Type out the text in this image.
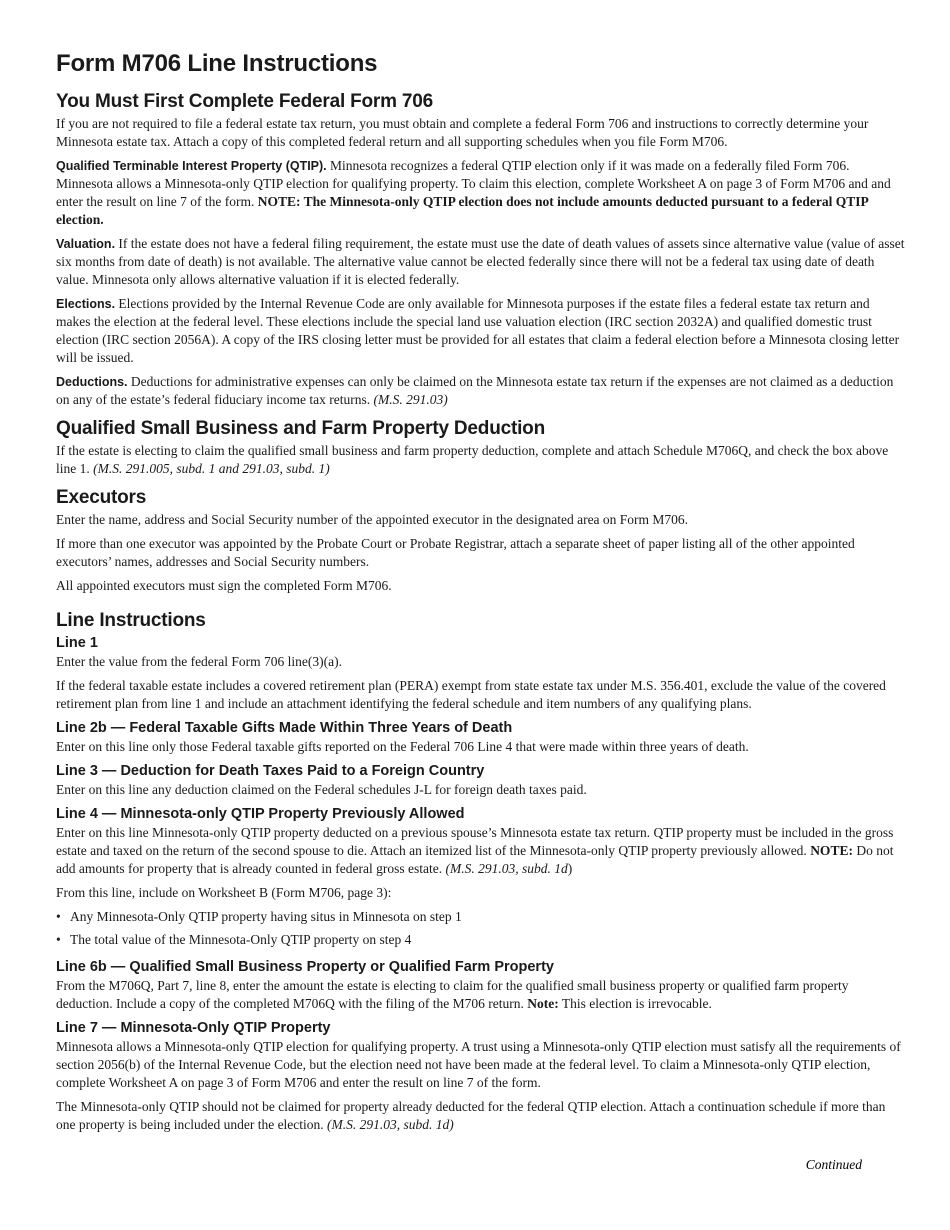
Form M706 Line Instructions
You Must First Complete Federal Form 706

If you are not required to file a federal estate tax return, you must obtain and complete a federal Form 706 and instructions to correctly determine your Minnesota estate tax. Attach a copy of this completed federal return and all supporting schedules when you file Form M706.

Qualified Terminable Interest Property (QTIP). Minnesota recognizes a federal QTIP election only if it was made on a federally filed Form 706. Minnesota allows a Minnesota-only QTIP election for qualifying property. To claim this election, complete Worksheet A on page 3 of Form M706 and and enter the result on line 7 of the form. NOTE: The Minnesota-only QTIP election does not include amounts deducted pursuant to a federal QTIP election.

Valuation. If the estate does not have a federal filing requirement, the estate must use the date of death values of assets since alternative value (value of asset six months from date of death) is not available. The alternative value cannot be elected federally since there will not be a federal tax using date of death value. Minnesota only allows alternative valuation if it is elected federally.

Elections. Elections provided by the Internal Revenue Code are only available for Minnesota purposes if the estate files a federal estate tax return and makes the election at the federal level. These elections include the special land use valuation election (IRC section 2032A) and qualified domestic trust election (IRC section 2056A). A copy of the IRS closing letter must be provided for all estates that claim a federal election before a Minnesota closing letter will be issued.

Deductions. Deductions for administrative expenses can only be claimed on the Minnesota estate tax return if the expenses are not claimed as a deduction on any of the estate’s federal fiduciary income tax returns. (M.S. 291.03)

Qualified Small Business and Farm Property Deduction

If the estate is electing to claim the qualified small business and farm property deduction, complete and attach Schedule M706Q, and check the box above line 1. (M.S. 291.005, subd. 1 and 291.03, subd. 1)

Executors

Enter the name, address and Social Security number of the appointed executor in the designated area on Form M706.

If more than one executor was appointed by the Probate Court or Probate Registrar, attach a separate sheet of paper listing all of the other appointed executors’ names, addresses and Social Security numbers.

All appointed executors must sign the completed Form M706.

Line Instructions
Line 1

Enter the value from the federal Form 706 line(3)(a).

If the federal taxable estate includes a covered retirement plan (PERA) exempt from state estate tax under M.S. 356.401, exclude the value of the covered retirement plan from line 1 and include an attachment identifying the federal schedule and item numbers of any qualifying plans.

Line 2b — Federal Taxable Gifts Made Within Three Years of Death

Enter on this line only those Federal taxable gifts reported on the Federal 706 Line 4 that were made within three years of death.

Line 3 — Deduction for Death Taxes Paid to a Foreign Country

Enter on this line any deduction claimed on the Federal schedules J-L for foreign death taxes paid.

Line 4 — Minnesota-only QTIP Property Previously Allowed

Enter on this line Minnesota-only QTIP property deducted on a previous spouse’s Minnesota estate tax return. QTIP property must be included in the gross estate and taxed on the return of the second spouse to die. Attach an itemized list of the Minnesota-only QTIP property previously allowed. NOTE: Do not add amounts for property that is already counted in federal gross estate. (M.S. 291.03, subd. 1d)

From this line, include on Worksheet B (Form M706, page 3):

• Any Minnesota-Only QTIP property having situs in Minnesota on step 1
• The total value of the Minnesota-Only QTIP property on step 4
Line 6b — Qualified Small Business Property or Qualified Farm Property

From the M706Q, Part 7, line 8, enter the amount the estate is electing to claim for the qualified small business property or qualified farm property deduction. Include a copy of the completed M706Q with the filing of the M706 return. Note: This election is irrevocable.

Line 7 — Minnesota-Only QTIP Property

Minnesota allows a Minnesota-only QTIP election for qualifying property. A trust using a Minnesota-only QTIP election must satisfy all the requirements of section 2056(b) of the Internal Revenue Code, but the election need not have been made at the federal level. To claim a Minnesota-only QTIP election, complete Worksheet A on page 3 of Form M706 and enter the result on line 7 of the form.

The Minnesota-only QTIP should not be claimed for property already deducted for the federal QTIP election. Attach a continuation schedule if more than one property is being included under the election. (M.S. 291.03, subd. 1d)

Continued
